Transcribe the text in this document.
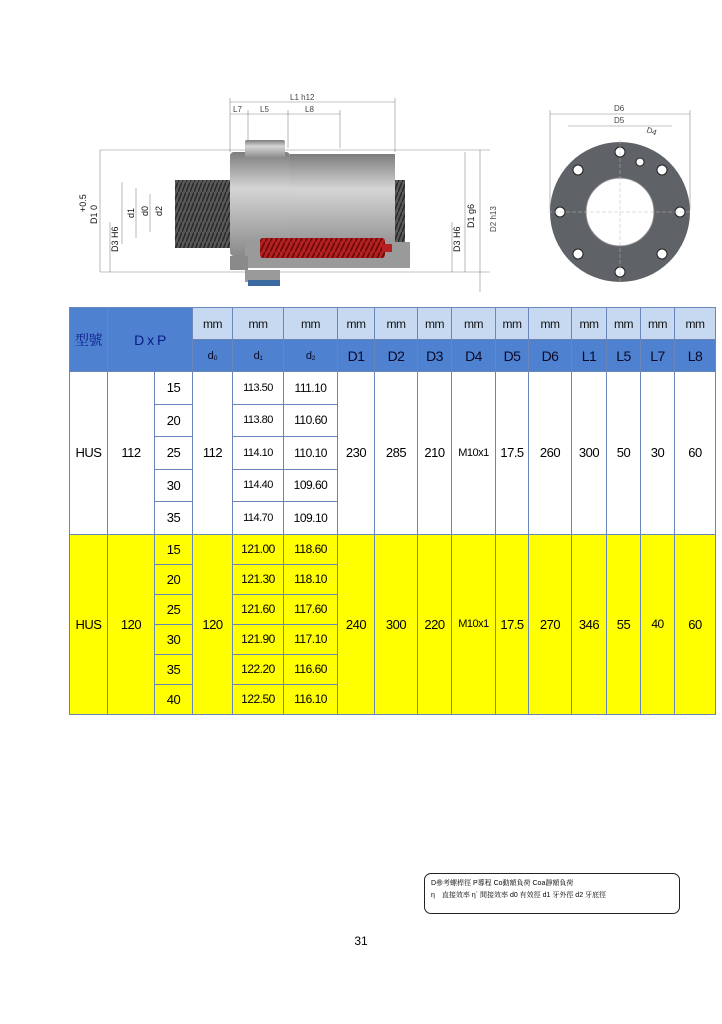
L1 h12
L7 L5	L8
+0.5
D1 0
D3 H6
d1 d0 d2	D1 g6
D3 H6
D2 h13
D6
D5
D4
型號	D x P		mm	mm	mm	mm	mm	mm	mm	mm	mm	mm	mm	mm	mm
			d₀	d₁	d₂	D1	D2	D3	D4	D5	D6	L1	L5	L7	L8
HUS	112	15	112	113.50	111.10	230	285	210	M10x1	17.5	260	300	50	30	60
		20		113.80	110.60										
		25		114.10	110.10										
		30		114.40	109.60										
		35		114.70	109.10										
HUS	120	15	120	121.00	118.60	240	300	220	M10x1	17.5	270	346	55	40	60
		20		121.30	118.10										
		25		121.60	117.60										
		30		121.90	117.10										
		35		122.20	116.60										
		40		122.50	116.10										
D參考螺桿徑 P導程 Co動額負荷 Coa靜額負荷
η　直接效率 η΄ 間接效率 d0 有效徑 d1 牙外徑 d2 牙底徑
31
